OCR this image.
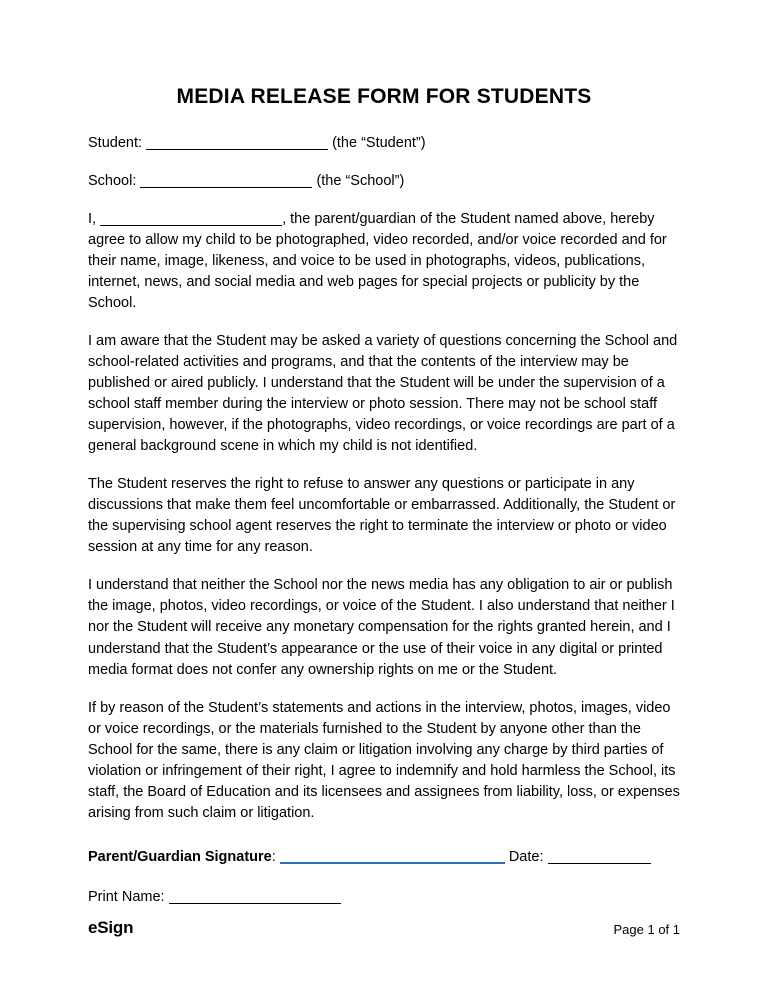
MEDIA RELEASE FORM FOR STUDENTS

Student:	(the “Student”)

School:	(the “School”)

I,	, the parent/guardian of the Student named above, hereby agree to allow my child to be photographed, video recorded, and/or voice recorded and for their name, image, likeness, and voice to be used in photographs, videos, publications, internet, news, and social media and web pages for special projects or publicity by the School.

I am aware that the Student may be asked a variety of questions concerning the School and school-related activities and programs, and that the contents of the interview may be published or aired publicly. I understand that the Student will be under the supervision of a school staff member during the interview or photo session. There may not be school staff supervision, however, if the photographs, video recordings, or voice recordings are part of a general background scene in which my child is not identified.

The Student reserves the right to refuse to answer any questions or participate in any discussions that make them feel uncomfortable or embarrassed. Additionally, the Student or the supervising school agent reserves the right to terminate the interview or photo or video session at any time for any reason.

I understand that neither the School nor the news media has any obligation to air or publish the image, photos, video recordings, or voice of the Student. I also understand that neither I nor the Student will receive any monetary compensation for the rights granted herein, and I understand that the Student’s appearance or the use of their voice in any digital or printed media format does not confer any ownership rights on me or the Student.

If by reason of the Student’s statements and actions in the interview, photos, images, video or voice recordings, or the materials furnished to the Student by anyone other than the School for the same, there is any claim or litigation involving any charge by third parties of violation or infringement of their right, I agree to indemnify and hold harmless the School, its staff, the Board of Education and its licensees and assignees from liability, loss, or expenses arising from such claim or litigation.

Parent/Guardian Signature:	Date:

Print Name:

eSign	Page 1 of 1
